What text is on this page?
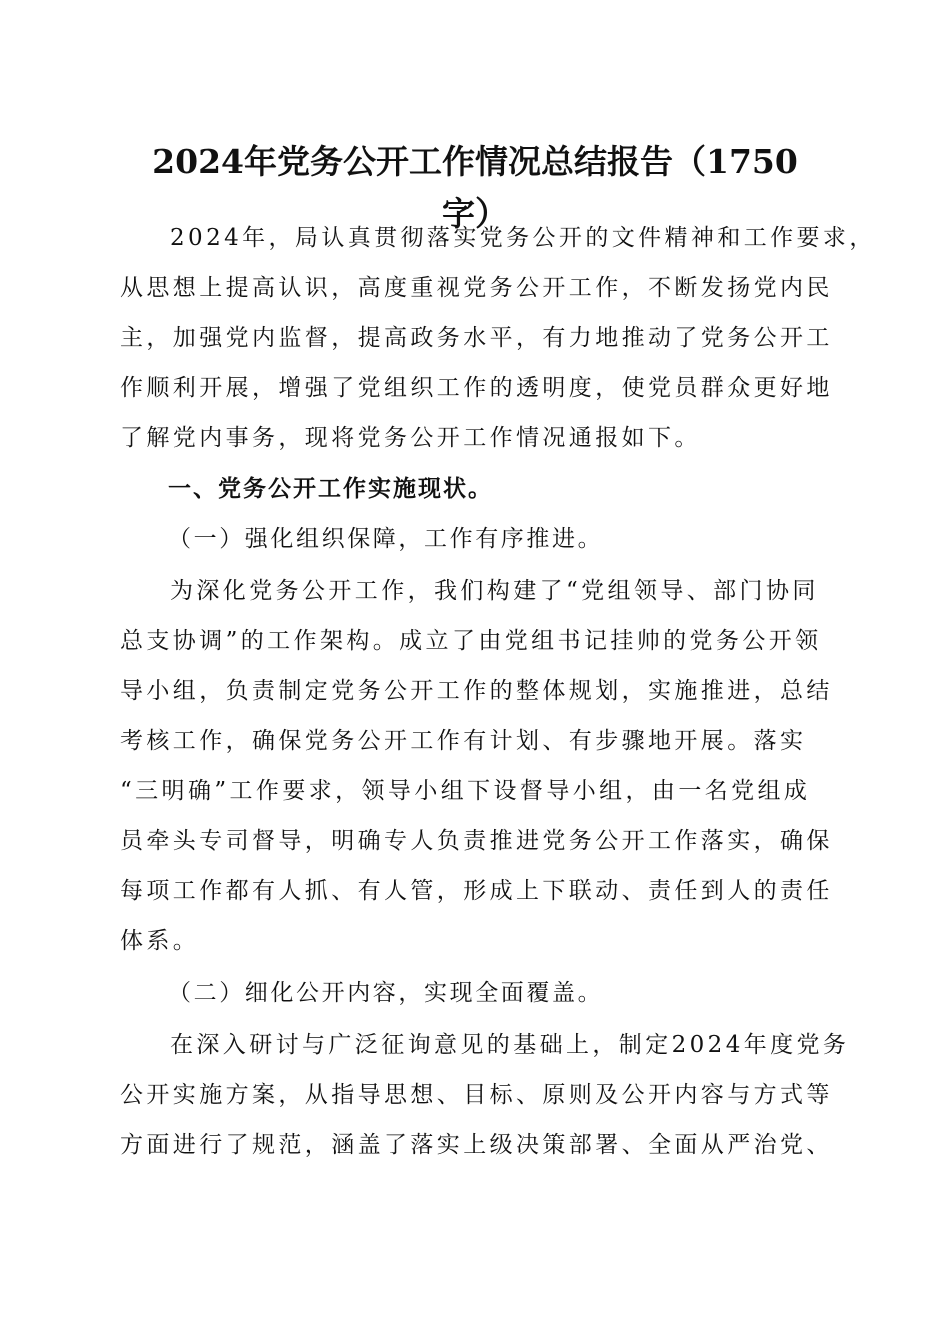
2024年党务公开工作情况总结报告（1750
字）
2024年，局认真贯彻落实党务公开的文件精神和工作要求，
从思想上提高认识，高度重视党务公开工作，不断发扬党内民
主，加强党内监督，提高政务水平，有力地推动了党务公开工
作顺利开展，增强了党组织工作的透明度，使党员群众更好地
了解党内事务，现将党务公开工作情况通报如下。
一、党务公开工作实施现状。
（一）强化组织保障，工作有序推进。
为深化党务公开工作，我们构建了“党组领导、部门协同
总支协调”的工作架构。成立了由党组书记挂帅的党务公开领
导小组，负责制定党务公开工作的整体规划，实施推进，总结
考核工作，确保党务公开工作有计划、有步骤地开展。落实
“三明确”工作要求，领导小组下设督导小组，由一名党组成
员牵头专司督导，明确专人负责推进党务公开工作落实，确保
每项工作都有人抓、有人管，形成上下联动、责任到人的责任
体系。
（二）细化公开内容，实现全面覆盖。
在深入研讨与广泛征询意见的基础上，制定2024年度党务
公开实施方案，从指导思想、目标、原则及公开内容与方式等
方面进行了规范，涵盖了落实上级决策部署、全面从严治党、
